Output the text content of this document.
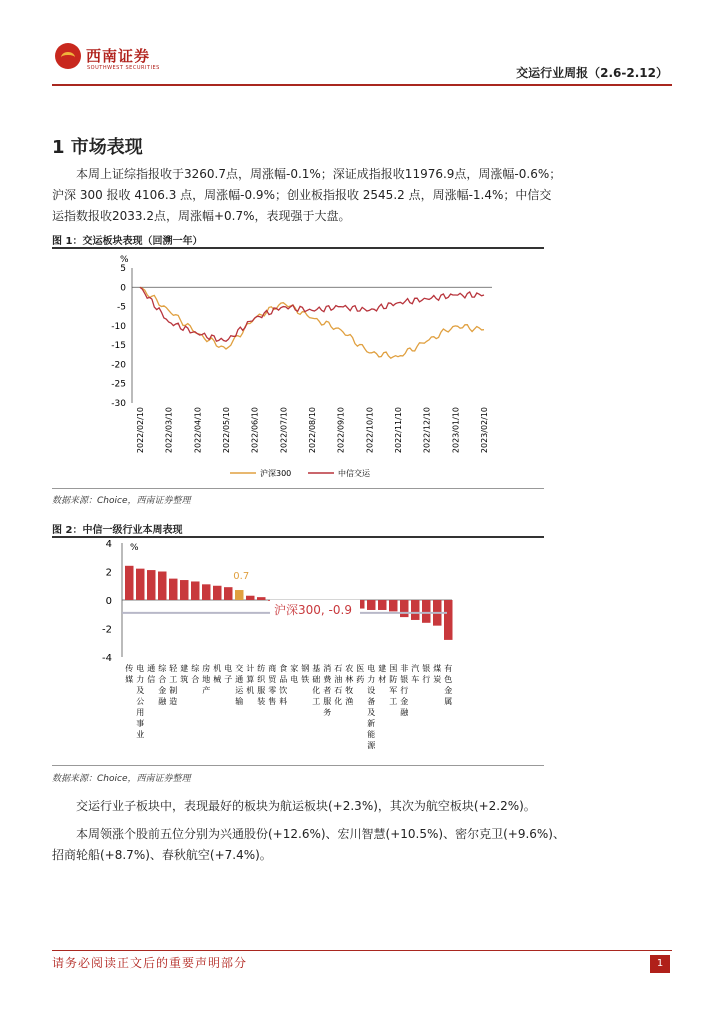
西南证券
SOUTHWEST SECURITIES	交运行业周报（2.6-2.12）
1 市场表现
本周上证综指报收于3260.7点，周涨幅-0.1%；深证成指报收11976.9点，周涨幅-0.6%；
沪深 300 报收 4106.3 点，周涨幅-0.9%；创业板指报收 2545.2 点，周涨幅-1.4%；中信交
运指数报收2033.2点，周涨幅+0.7%，表现强于大盘。
图 1：交运板块表现（回溯一年）
%
5
0
-5
-10
-15
-20
-25
-30
2022/02/10 2022/03/10 2022/04/10 2022/05/10 2022/06/10 2022/07/10 2022/08/10 2022/09/10 2022/10/10 2022/11/10 2022/12/10 2023/01/10 2023/02/10
沪深300	中信交运
数据来源：Choice，西南证券整理
图 2：中信一级行业本周表现
%
4
2
0
-2
-4
传媒
电力及公用事业
通信
综合金融
轻工制造
建筑
综合
房地产
机械
电子
0.7
交通运输
计算机
纺织服装
商贸零售
食品饮料
家电
钢铁
基础化工
消费者服务
石油石化
农林牧渔
医药
电力设备及新能源
建材
国防军工
非银行金融
汽车
银行
煤炭
有色金属
沪深300, -0.9
数据来源：Choice，西南证券整理
交运行业子板块中，表现最好的板块为航运板块(+2.3%)，其次为航空板块(+2.2%)。
本周领涨个股前五位分别为兴通股份(+12.6%)、宏川智慧(+10.5%)、密尔克卫(+9.6%)、
招商轮船(+8.7%)、春秋航空(+7.4%)。
请务必阅读正文后的重要声明部分	1
